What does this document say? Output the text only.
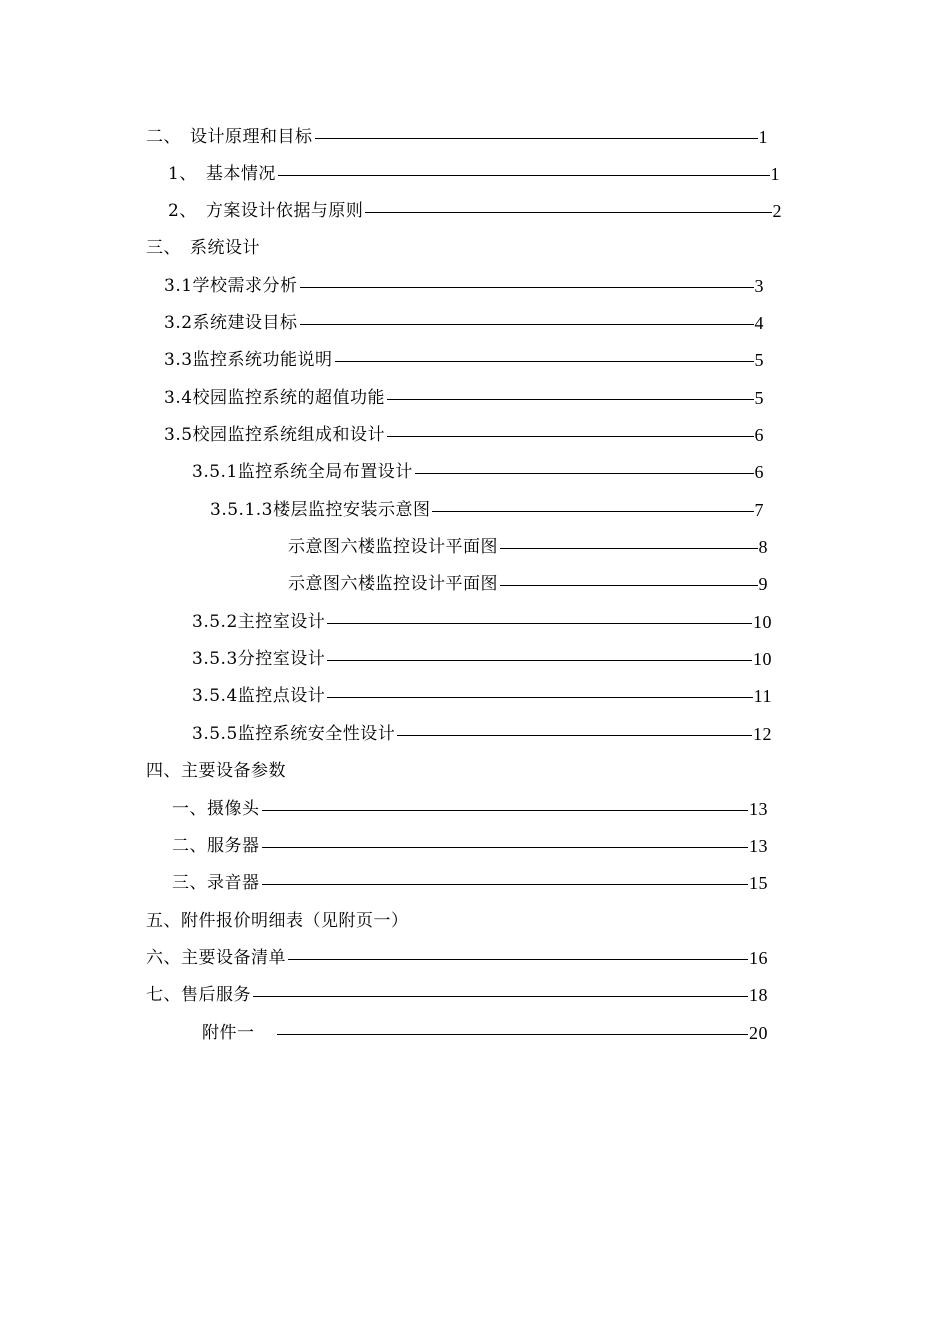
二、　设计原理和目标	1
1、　基本情况	1
2、　方案设计依据与原则	2
三、　系统设计
3.1学校需求分析	3
3.2系统建设目标	4
3.3监控系统功能说明	5
3.4校园监控系统的超值功能	5
3.5校园监控系统组成和设计	6
3.5.1监控系统全局布置设计	6
3.5.1.3楼层监控安装示意图	7
示意图六楼监控设计平面图	8
示意图六楼监控设计平面图	9
3.5.2主控室设计	10
3.5.3分控室设计	10
3.5.4监控点设计	11
3.5.5监控系统安全性设计	12
四、主要设备参数
一、摄像头	13
二、服务器	13
三、录音器	15
五、附件报价明细表（见附页一）
六、主要设备清单	16
七、售后服务	18
附件一	20
